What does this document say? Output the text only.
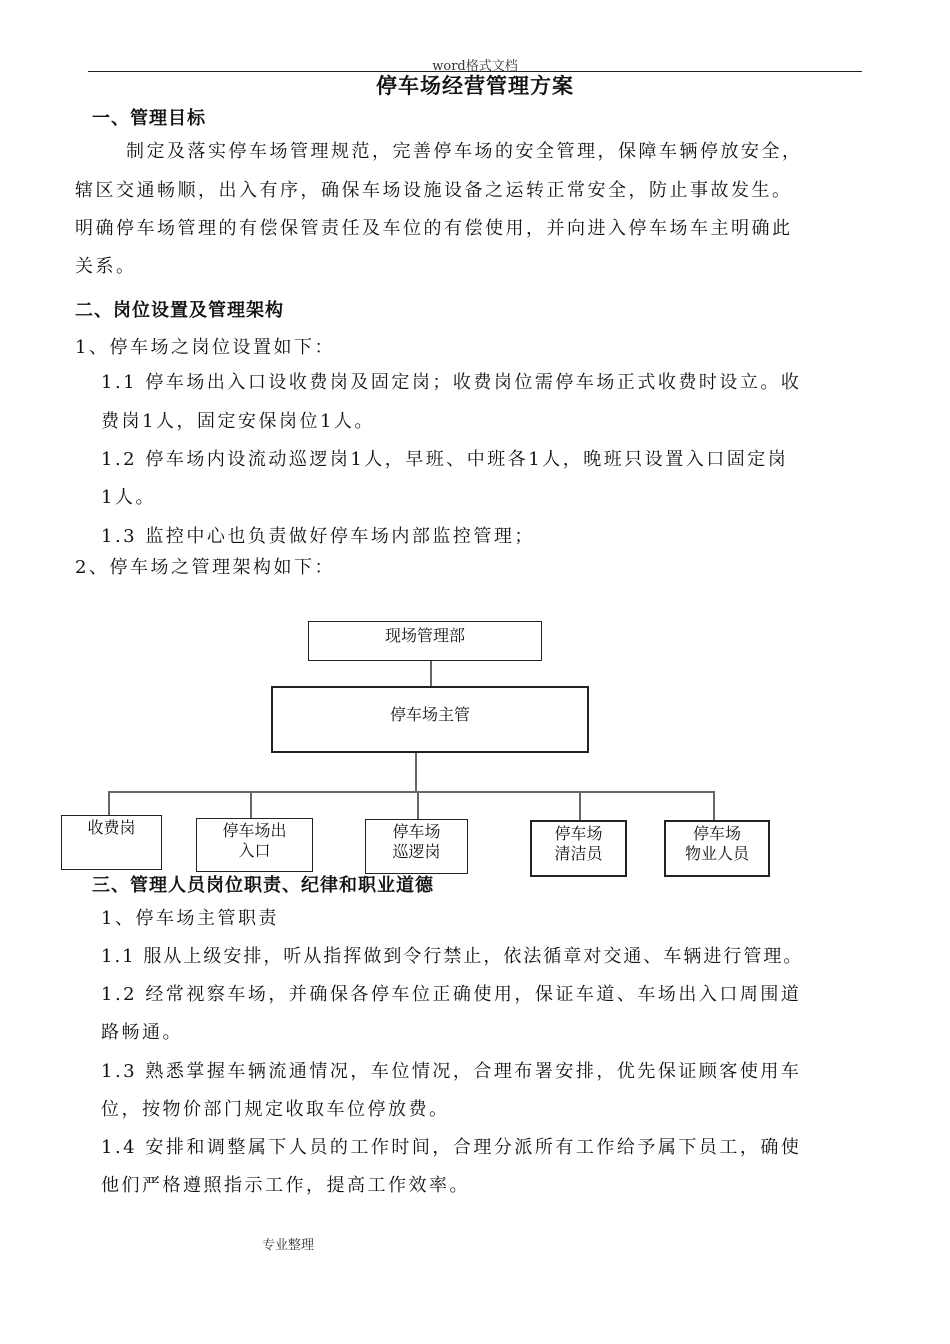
word格式文档
停车场经营管理方案
一、管理目标
制定及落实停车场管理规范，完善停车场的安全管理，保障车辆停放安全，
辖区交通畅顺，出入有序，确保车场设施设备之运转正常安全，防止事故发生。
明确停车场管理的有偿保管责任及车位的有偿使用，并向进入停车场车主明确此
关系。
二、岗位设置及管理架构
1、停车场之岗位设置如下：
1.1 停车场出入口设收费岗及固定岗；收费岗位需停车场正式收费时设立。收
费岗1人，固定安保岗位1人。
1.2 停车场内设流动巡逻岗1人，早班、中班各1人，晚班只设置入口固定岗
1人。
1.3 监控中心也负责做好停车场内部监控管理；
2、停车场之管理架构如下：
现场管理部
停车场主管
收费岗	停车场出
入口
停车场
巡逻岗
停车场
清洁员
停车场
物业人员
三、管理人员岗位职责、纪律和职业道德
1、停车场主管职责
1.1 服从上级安排，听从指挥做到令行禁止，依法循章对交通、车辆进行管理。
1.2 经常视察车场，并确保各停车位正确使用，保证车道、车场出入口周围道
路畅通。
1.3 熟悉掌握车辆流通情况，车位情况，合理布署安排，优先保证顾客使用车
位，按物价部门规定收取车位停放费。
1.4 安排和调整属下人员的工作时间，合理分派所有工作给予属下员工，确使
他们严格遵照指示工作，提高工作效率。
专业整理
